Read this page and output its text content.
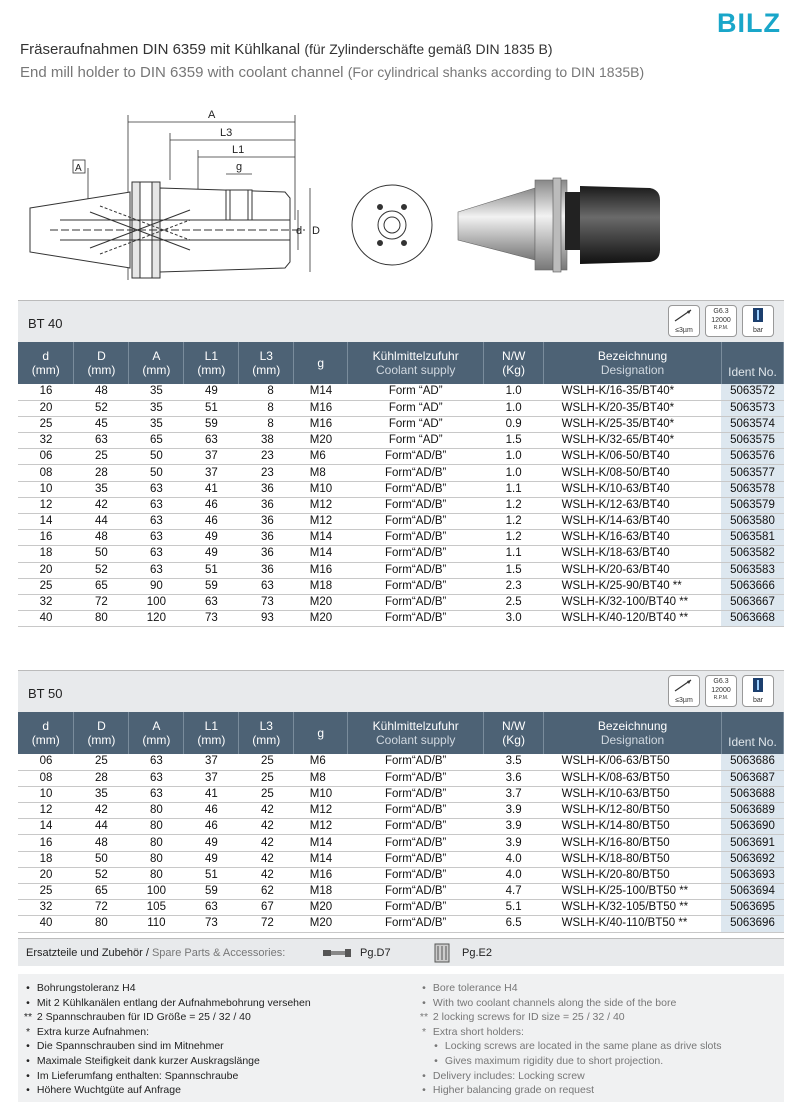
BILZ
Fräseraufnahmen DIN 6359 mit Kühlkanal (für Zylinderschäfte gemäß DIN 1835 B)
End mill holder to DIN 6359 with coolant channel (For cylindrical shanks according to DIN 1835B)
A
L3
L1
g
d D
A
BT 40	≤3µm
G6.3
12000
R.P.M.	bar
d
(mm)	D
(mm)	A
(mm)	L1
(mm)	L3
(mm)	g	Kühlmittelzufuhr
Coolant supply	N/W
(Kg)	Bezeichnung
Designation	Ident No.

16	48	35	49	8	M14	Form “AD”	1.0	WSLH-K/16-35/BT40*	5063572
20	52	35	51	8	M16	Form “AD”	1.0	WSLH-K/20-35/BT40*	5063573
25	45	35	59	8	M16	Form “AD”	0.9	WSLH-K/25-35/BT40*	5063574
32	63	65	63	38	M20	Form “AD”	1.5	WSLH-K/32-65/BT40*	5063575
06	25	50	37	23	M6	Form“AD/B”	1.0	WSLH-K/06-50/BT40	5063576
08	28	50	37	23	M8	Form“AD/B”	1.0	WSLH-K/08-50/BT40	5063577
10	35	63	41	36	M10	Form“AD/B”	1.1	WSLH-K/10-63/BT40	5063578
12	42	63	46	36	M12	Form“AD/B”	1.2	WSLH-K/12-63/BT40	5063579
14	44	63	46	36	M12	Form“AD/B”	1.2	WSLH-K/14-63/BT40	5063580
16	48	63	49	36	M14	Form“AD/B”	1.2	WSLH-K/16-63/BT40	5063581
18	50	63	49	36	M14	Form“AD/B”	1.1	WSLH-K/18-63/BT40	5063582
20	52	63	51	36	M16	Form“AD/B”	1.5	WSLH-K/20-63/BT40	5063583
25	65	90	59	63	M18	Form“AD/B”	2.3	WSLH-K/25-90/BT40 **	5063666
32	72	100	63	73	M20	Form“AD/B”	2.5	WSLH-K/32-100/BT40 **	5063667
40	80	120	73	93	M20	Form“AD/B”	3.0	WSLH-K/40-120/BT40 **	5063668
BT 50	≤3µm
G6.3
12000
R.P.M.	bar
d
(mm)	D
(mm)	A
(mm)	L1
(mm)	L3
(mm)	g	Kühlmittelzufuhr
Coolant supply	N/W
(Kg)	Bezeichnung
Designation	Ident No.

06	25	63	37	25	M6	Form“AD/B”	3.5	WSLH-K/06-63/BT50	5063686
08	28	63	37	25	M8	Form“AD/B”	3.6	WSLH-K/08-63/BT50	5063687
10	35	63	41	25	M10	Form“AD/B”	3.7	WSLH-K/10-63/BT50	5063688
12	42	80	46	42	M12	Form“AD/B”	3.9	WSLH-K/12-80/BT50	5063689
14	44	80	46	42	M12	Form“AD/B”	3.9	WSLH-K/14-80/BT50	5063690
16	48	80	49	42	M14	Form“AD/B”	3.9	WSLH-K/16-80/BT50	5063691
18	50	80	49	42	M14	Form“AD/B”	4.0	WSLH-K/18-80/BT50	5063692
20	52	80	51	42	M16	Form“AD/B”	4.0	WSLH-K/20-80/BT50	5063693
25	65	100	59	62	M18	Form“AD/B”	4.7	WSLH-K/25-100/BT50 **	5063694
32	72	105	63	67	M20	Form“AD/B”	5.1	WSLH-K/32-105/BT50 **	5063695
40	80	110	73	72	M20	Form“AD/B”	6.5	WSLH-K/40-110/BT50 **	5063696
Ersatzteile und Zubehör / Spare Parts & Accessories:	Pg.D7	Pg.E2
• Bohrungstoleranz H4
• Mit 2 Kühlkanälen entlang der Aufnahmebohrung versehen
** 2 Spannschrauben für ID Größe = 25 / 32 / 40
* Extra kurze Aufnahmen:
• Die Spannschrauben sind im Mitnehmer
• Maximale Steifigkeit dank kurzer Auskragslänge
• Im Lieferumfang enthalten: Spannschraube
• Höhere Wuchtgüte auf Anfrage
• Bore tolerance H4
• With two coolant channels along the side of the bore
** 2 locking screws for ID size = 25 / 32 / 40
* Extra short holders:
• Locking screws are located in the same plane as drive slots
• Gives maximum rigidity due to short projection.
• Delivery includes: Locking screw
• Higher balancing grade on request
